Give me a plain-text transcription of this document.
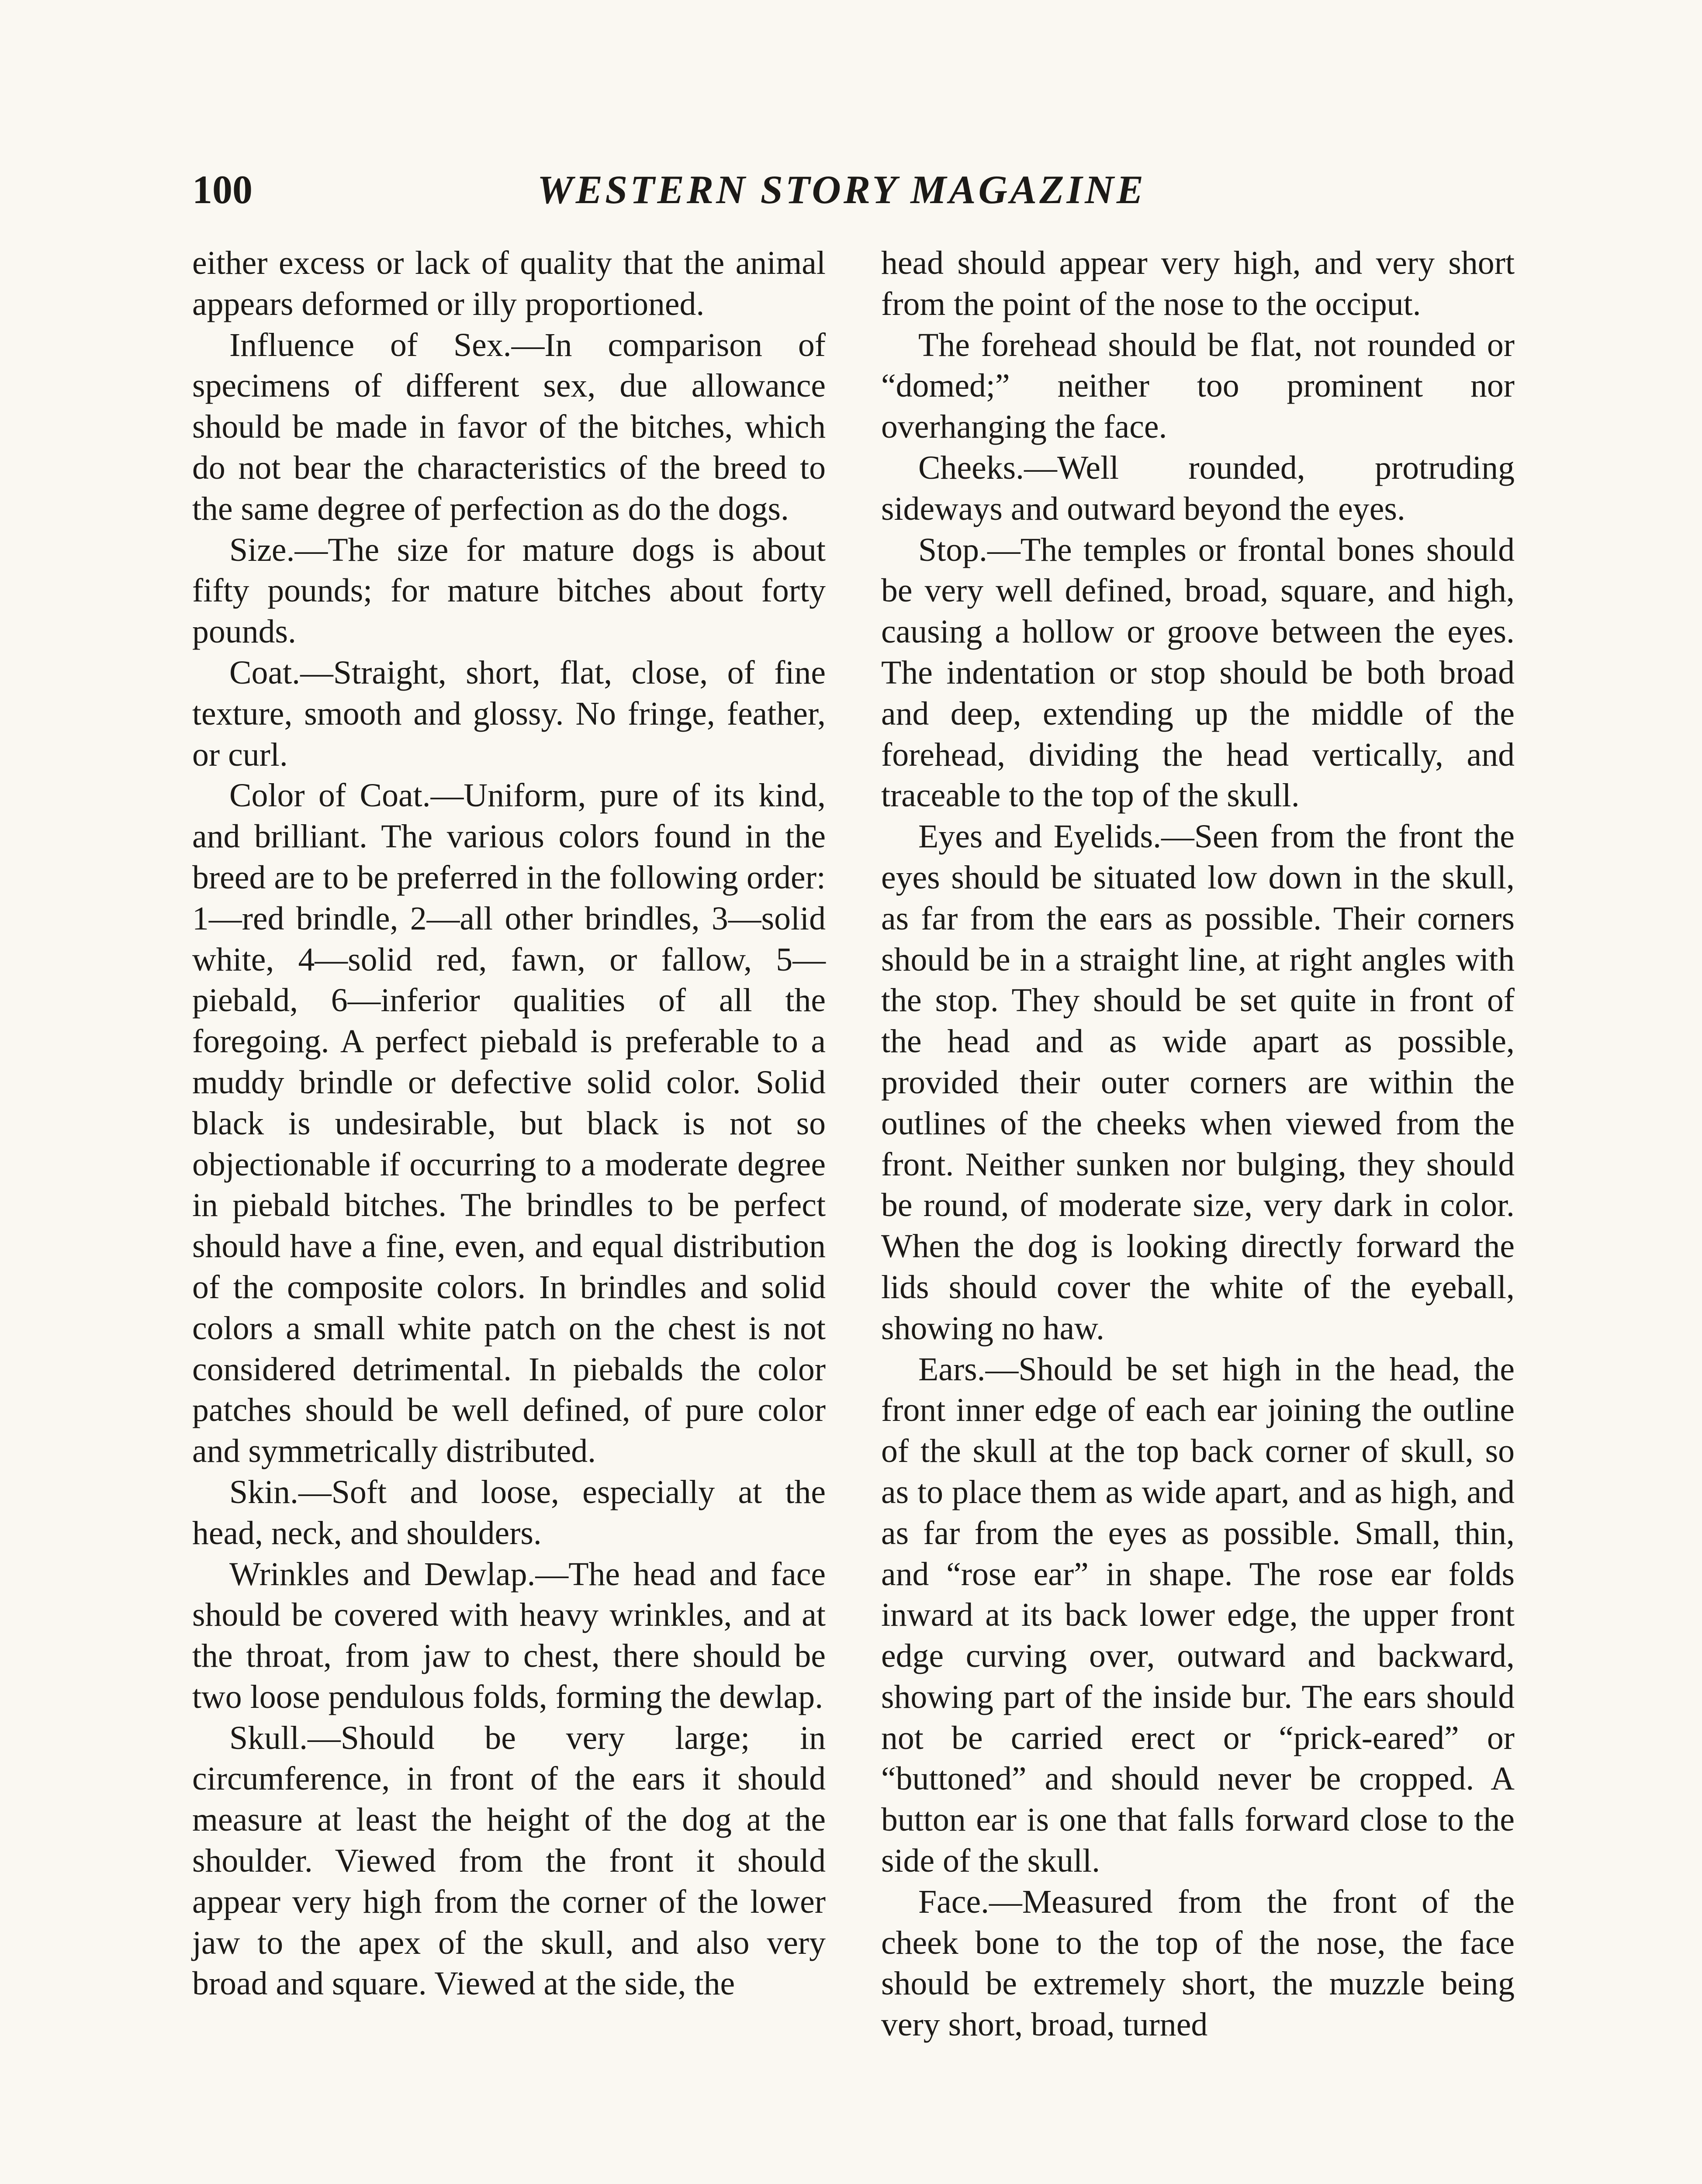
100	WESTERN STORY MAGAZINE

either excess or lack of quality that the animal appears deformed or illy proportioned.

Influence of Sex.—In comparison of specimens of different sex, due allowance should be made in favor of the bitches, which do not bear the characteristics of the breed to the same degree of perfection as do the dogs.

Size.—The size for mature dogs is about fifty pounds; for mature bitches about forty pounds.

Coat.—Straight, short, flat, close, of fine texture, smooth and glossy. No fringe, feather, or curl.

Color of Coat.—Uniform, pure of its kind, and brilliant. The various colors found in the breed are to be preferred in the following order: 1—red brindle, 2—all other brindles, 3—solid white, 4—solid red, fawn, or fallow, 5—piebald, 6—inferior qualities of all the foregoing. A perfect piebald is preferable to a muddy brindle or defective solid color. Solid black is undesirable, but black is not so objectionable if occurring to a moderate degree in piebald bitches. The brindles to be perfect should have a fine, even, and equal distribution of the composite colors. In brindles and solid colors a small white patch on the chest is not considered detrimental. In piebalds the color patches should be well defined, of pure color and symmetrically distributed.

Skin.—Soft and loose, especially at the head, neck, and shoulders.

Wrinkles and Dewlap.—The head and face should be covered with heavy wrinkles, and at the throat, from jaw to chest, there should be two loose pendulous folds, forming the dewlap.

Skull.—Should be very large; in circumference, in front of the ears it should measure at least the height of the dog at the shoulder. Viewed from the front it should appear very high from the corner of the lower jaw to the apex of the skull, and also very broad and square. Viewed at the side, the

head should appear very high, and very short from the point of the nose to the occiput.

The forehead should be flat, not rounded or “domed;” neither too prominent nor overhanging the face.

Cheeks.—Well rounded, protruding sideways and outward beyond the eyes.

Stop.—The temples or frontal bones should be very well defined, broad, square, and high, causing a hollow or groove between the eyes. The indentation or stop should be both broad and deep, extending up the middle of the forehead, dividing the head vertically, and traceable to the top of the skull.

Eyes and Eyelids.—Seen from the front the eyes should be situated low down in the skull, as far from the ears as possible. Their corners should be in a straight line, at right angles with the stop. They should be set quite in front of the head and as wide apart as possible, provided their outer corners are within the outlines of the cheeks when viewed from the front. Neither sunken nor bulging, they should be round, of moderate size, very dark in color. When the dog is looking directly forward the lids should cover the white of the eyeball, showing no haw.

Ears.—Should be set high in the head, the front inner edge of each ear joining the outline of the skull at the top back corner of skull, so as to place them as wide apart, and as high, and as far from the eyes as possible. Small, thin, and “rose ear” in shape. The rose ear folds inward at its back lower edge, the upper front edge curving over, outward and backward, showing part of the inside bur. The ears should not be carried erect or “prick-eared” or “buttoned” and should never be cropped. A button ear is one that falls forward close to the side of the skull.

Face.—Measured from the front of the cheek bone to the top of the nose, the face should be extremely short, the muzzle being very short, broad, turned
